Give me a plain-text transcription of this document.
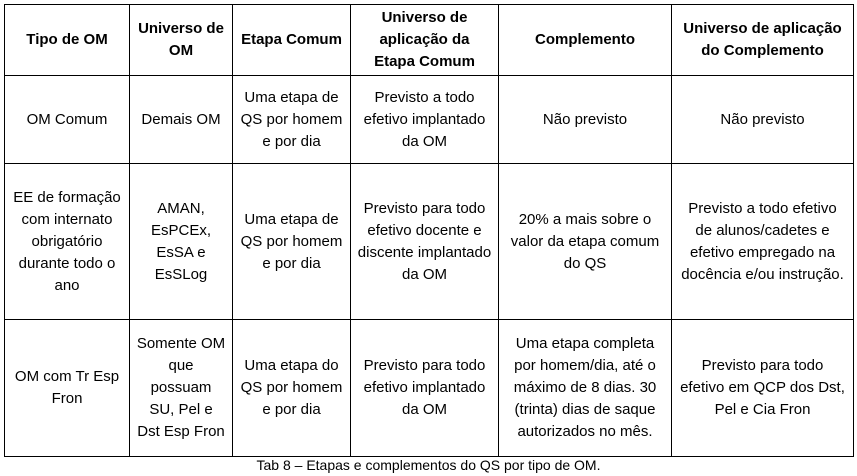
Tipo de OM	Universo de OM	Etapa Comum	Universo de aplicação da Etapa Comum	Complemento	Universo de aplicação do Complemento
OM Comum	Demais OM	Uma etapa de QS por homem e por dia	Previsto a todo efetivo implantado da OM	Não previsto	Não previsto
EE de formação com internato obrigatório durante todo o ano	AMAN, EsPCEx, EsSA e EsSLog	Uma etapa de QS por homem e por dia	Previsto para todo efetivo docente e discente implantado da OM	20% a mais sobre o valor da etapa comum do QS	Previsto a todo efetivo de alunos/cadetes e efetivo empregado na docência e/ou instrução.
OM com Tr Esp Fron	Somente OM que possuam SU, Pel e Dst Esp Fron	Uma etapa do QS por homem e por dia	Previsto para todo efetivo implantado da OM	Uma etapa completa por homem/dia, até o máximo de 8 dias. 30 (trinta) dias de saque autorizados no mês.	Previsto para todo efetivo em QCP dos Dst, Pel e Cia Fron
Tab 8 – Etapas e complementos do QS por tipo de OM.
